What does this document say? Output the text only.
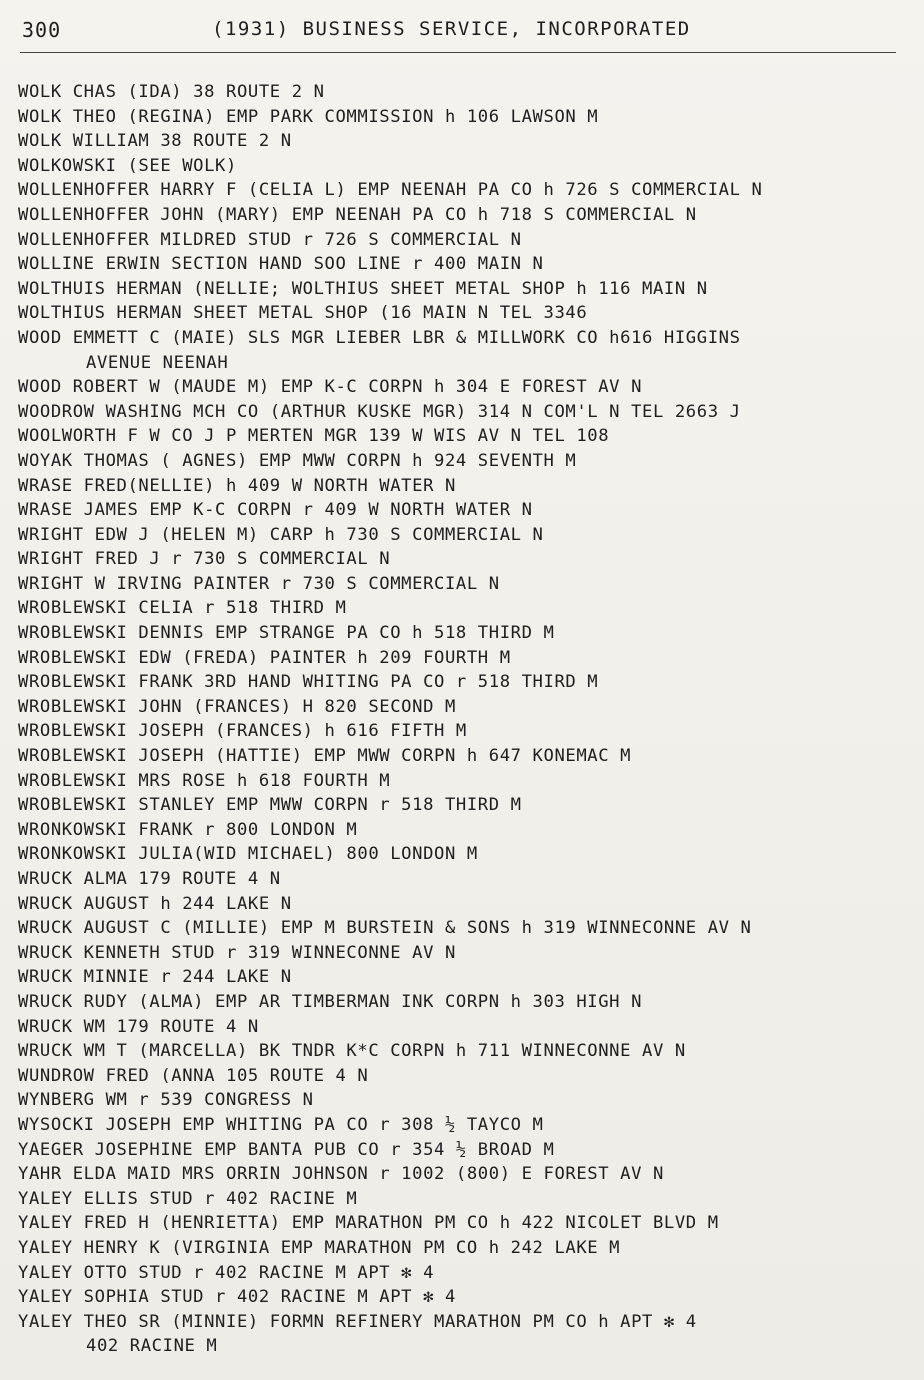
300	(1931) BUSINESS SERVICE, INCORPORATED
WOLK CHAS (IDA) 38 ROUTE 2 N
WOLK THEO (REGINA) EMP PARK COMMISSION h 106 LAWSON M
WOLK WILLIAM 38 ROUTE 2 N
WOLKOWSKI (SEE WOLK)
WOLLENHOFFER HARRY F (CELIA L) EMP NEENAH PA CO h 726 S COMMERCIAL N
WOLLENHOFFER JOHN (MARY) EMP NEENAH PA CO h 718 S COMMERCIAL N
WOLLENHOFFER MILDRED STUD r 726 S COMMERCIAL N
WOLLINE ERWIN SECTION HAND SOO LINE r 400 MAIN N
WOLTHUIS HERMAN (NELLIE; WOLTHIUS SHEET METAL SHOP h 116 MAIN N
WOLTHIUS HERMAN SHEET METAL SHOP (16 MAIN N TEL 3346
WOOD EMMETT C (MAIE) SLS MGR LIEBER LBR & MILLWORK CO h616 HIGGINS
AVENUE NEENAH
WOOD ROBERT W (MAUDE M) EMP K-C CORPN h 304 E FOREST AV N
WOODROW WASHING MCH CO (ARTHUR KUSKE MGR) 314 N COM'L N TEL 2663 J
WOOLWORTH F W CO J P MERTEN MGR 139 W WIS AV N TEL 108
WOYAK THOMAS ( AGNES) EMP MWW CORPN h 924 SEVENTH M
WRASE FRED(NELLIE) h 409 W NORTH WATER N
WRASE JAMES EMP K-C CORPN r 409 W NORTH WATER N
WRIGHT EDW J (HELEN M) CARP h 730 S COMMERCIAL N
WRIGHT FRED J r 730 S COMMERCIAL N
WRIGHT W IRVING PAINTER r 730 S COMMERCIAL N
WROBLEWSKI CELIA r 518 THIRD M
WROBLEWSKI DENNIS EMP STRANGE PA CO h 518 THIRD M
WROBLEWSKI EDW (FREDA) PAINTER h 209 FOURTH M
WROBLEWSKI FRANK 3RD HAND WHITING PA CO r 518 THIRD M
WROBLEWSKI JOHN (FRANCES) H 820 SECOND M
WROBLEWSKI JOSEPH (FRANCES) h 616 FIFTH M
WROBLEWSKI JOSEPH (HATTIE) EMP MWW CORPN h 647 KONEMAC M
WROBLEWSKI MRS ROSE h 618 FOURTH M
WROBLEWSKI STANLEY EMP MWW CORPN r 518 THIRD M
WRONKOWSKI FRANK r 800 LONDON M
WRONKOWSKI JULIA(WID MICHAEL) 800 LONDON M
WRUCK ALMA 179 ROUTE 4 N
WRUCK AUGUST h 244 LAKE N
WRUCK AUGUST C (MILLIE) EMP M BURSTEIN & SONS h 319 WINNECONNE AV N
WRUCK KENNETH STUD r 319 WINNECONNE AV N
WRUCK MINNIE r 244 LAKE N
WRUCK RUDY (ALMA) EMP AR TIMBERMAN INK CORPN h 303 HIGH N
WRUCK WM 179 ROUTE 4 N
WRUCK WM T (MARCELLA) BK TNDR K*C CORPN h 711 WINNECONNE AV N
WUNDROW FRED (ANNA 105 ROUTE 4 N
WYNBERG WM r 539 CONGRESS N
WYSOCKI JOSEPH EMP WHITING PA CO r 308 ½ TAYCO M
YAEGER JOSEPHINE EMP BANTA PUB CO r 354 ½ BROAD M
YAHR ELDA MAID MRS ORRIN JOHNSON r 1002 (800) E FOREST AV N
YALEY ELLIS STUD r 402 RACINE M
YALEY FRED H (HENRIETTA) EMP MARATHON PM CO h 422 NICOLET BLVD M
YALEY HENRY K (VIRGINIA EMP MARATHON PM CO h 242 LAKE M
YALEY OTTO STUD r 402 RACINE M APT ✻ 4
YALEY SOPHIA STUD r 402 RACINE M APT ✻ 4
YALEY THEO SR (MINNIE) FORMN REFINERY MARATHON PM CO h APT ✻ 4
402 RACINE M
